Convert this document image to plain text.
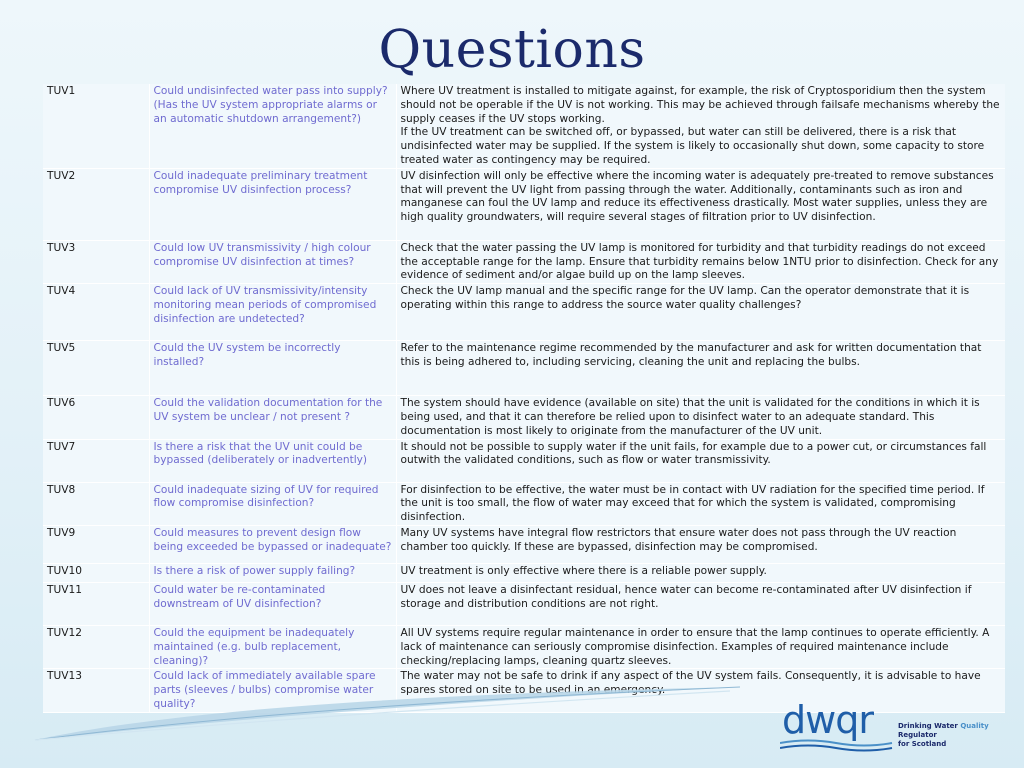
Questions
TUV1	Could undisinfected water pass into supply? (Has the UV system appropriate alarms or an automatic shutdown arrangement?)	Where UV treatment is installed to mitigate against, for example, the risk of Cryptosporidium then the system should not be operable if the UV is not working. This may be achieved through failsafe mechanisms whereby the supply ceases if the UV stops working.
If the UV treatment can be switched off, or bypassed, but water can still be delivered, there is a risk that undisinfected water may be supplied. If the system is likely to occasionally shut down, some capacity to store treated water as contingency may be required.
TUV2	Could inadequate preliminary treatment compromise UV disinfection process?	UV disinfection will only be effective where the incoming water is adequately pre-treated to remove substances that will prevent the UV light from passing through the water. Additionally, contaminants such as iron and manganese can foul the UV lamp and reduce its effectiveness drastically. Most water supplies, unless they are high quality groundwaters, will require several stages of filtration prior to UV disinfection.
TUV3	Could low UV transmissivity / high colour compromise UV disinfection at times?	Check that the water passing the UV lamp is monitored for turbidity and that turbidity readings do not exceed the acceptable range for the lamp. Ensure that turbidity remains below 1NTU prior to disinfection. Check for any evidence of sediment and/or algae build up on the lamp sleeves.
TUV4	Could lack of UV transmissivity/intensity monitoring mean periods of compromised disinfection are undetected?	Check the UV lamp manual and the specific range for the UV lamp. Can the operator demonstrate that it is operating within this range to address the source water quality challenges?
TUV5	Could the UV system be incorrectly installed?	Refer to the maintenance regime recommended by the manufacturer and ask for written documentation that this is being adhered to, including servicing, cleaning the unit and replacing the bulbs.
TUV6	Could the validation documentation for the UV system be unclear / not present ?	The system should have evidence (available on site) that the unit is validated for the conditions in which it is being used, and that it can therefore be relied upon to disinfect water to an adequate standard. This documentation is most likely to originate from the manufacturer of the UV unit.
TUV7	Is there a risk that the UV unit could be bypassed (deliberately or inadvertently)	It should not be possible to supply water if the unit fails, for example due to a power cut, or circumstances fall outwith the validated conditions, such as flow or water transmissivity.
TUV8	Could inadequate sizing of UV for required flow compromise disinfection?	For disinfection to be effective, the water must be in contact with UV radiation for the specified time period. If the unit is too small, the flow of water may exceed that for which the system is validated, compromising disinfection.
TUV9	Could measures to prevent design flow being exceeded be bypassed or inadequate?	Many UV systems have integral flow restrictors that ensure water does not pass through the UV reaction chamber too quickly. If these are bypassed, disinfection may be compromised.
TUV10	Is there a risk of power supply failing?	UV treatment is only effective where there is a reliable power supply.
TUV11	Could water be re-contaminated downstream of UV disinfection?	UV does not leave a disinfectant residual, hence water can become re-contaminated after UV disinfection if storage and distribution conditions are not right.
TUV12	Could the equipment be inadequately maintained (e.g. bulb replacement, cleaning)?	All UV systems require regular maintenance in order to ensure that the lamp continues to operate efficiently. A lack of maintenance can seriously compromise disinfection. Examples of required maintenance include checking/replacing lamps, cleaning quartz sleeves.
TUV13	Could lack of immediately available spare parts (sleeves / bulbs) compromise water quality?	The water may not be safe to drink if any aspect of the UV system fails. Consequently, it is advisable to have spares stored on site to be used in an emergency.
dwqr	Drinking Water Quality Regulator
for Scotland
